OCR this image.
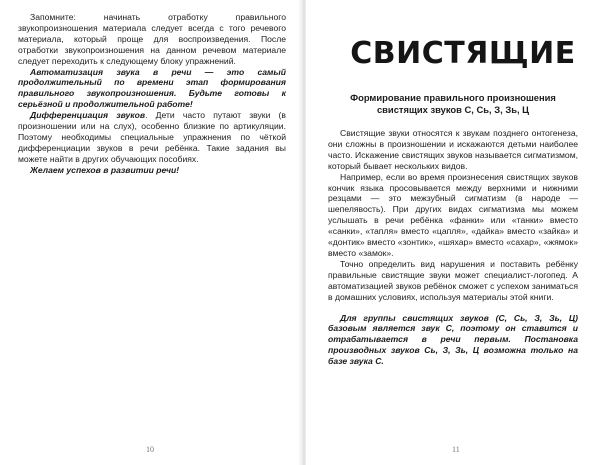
Запомните: начинать отработку правильного звукопроизношения материала следует всегда с того речевого материала, который проще для воспроизведения. После отработки звукопроизношения на данном речевом материале следует переходить к следующему блоку упражнений.

Автоматизация звука в речи — это самый продолжительный по времени этап формирования правильного звукопроизношения. Будьте готовы к серьёзной и продолжительной работе!

Дифференциация звуков. Дети часто путают звуки (в произношении или на слух), особенно близкие по артикуляции. Поэтому необходимы специальные упражнения по чёткой дифференциации звуков в речи ребёнка. Такие задания вы можете найти в других обучающих пособиях.

Желаем успехов в развитии речи!

10
СВИСТЯЩИЕ
Формирование правильного произношения
свистящих звуков С, Сь, З, Зь, Ц

Свистящие звуки относятся к звукам позднего онтогенеза, они сложны в произношении и искажаются детьми наиболее часто. Искажение свистящих звуков называется сигматизмом, который бывает нескольких видов.

Например, если во время произнесения свистящих звуков кончик языка просовывается между верхними и нижними резцами — это межзубный сигматизм (в народе — шепелявость). При других видах сигматизма мы можем услышать в речи ребёнка «фанки» или «танки» вместо «санки», «тапля» вместо «цапля», «дайка» вместо «зайка» и «донтик» вместо «зонтик», «шяхар» вместо «сахар», «жямок» вместо «замок».

Точно определить вид нарушения и поставить ребёнку правильные свистящие звуки может специалист-логопед. А автоматизацией звуков ребёнок сможет с успехом заниматься в домашних условиях, используя материалы этой книги.

Для группы свистящих звуков (С, Сь, З, Зь, Ц) базовым является звук С, поэтому он ставится и отрабатывается в речи первым. Постановка производных звуков Сь, З, Зь, Ц возможна только на базе звука С.

11
